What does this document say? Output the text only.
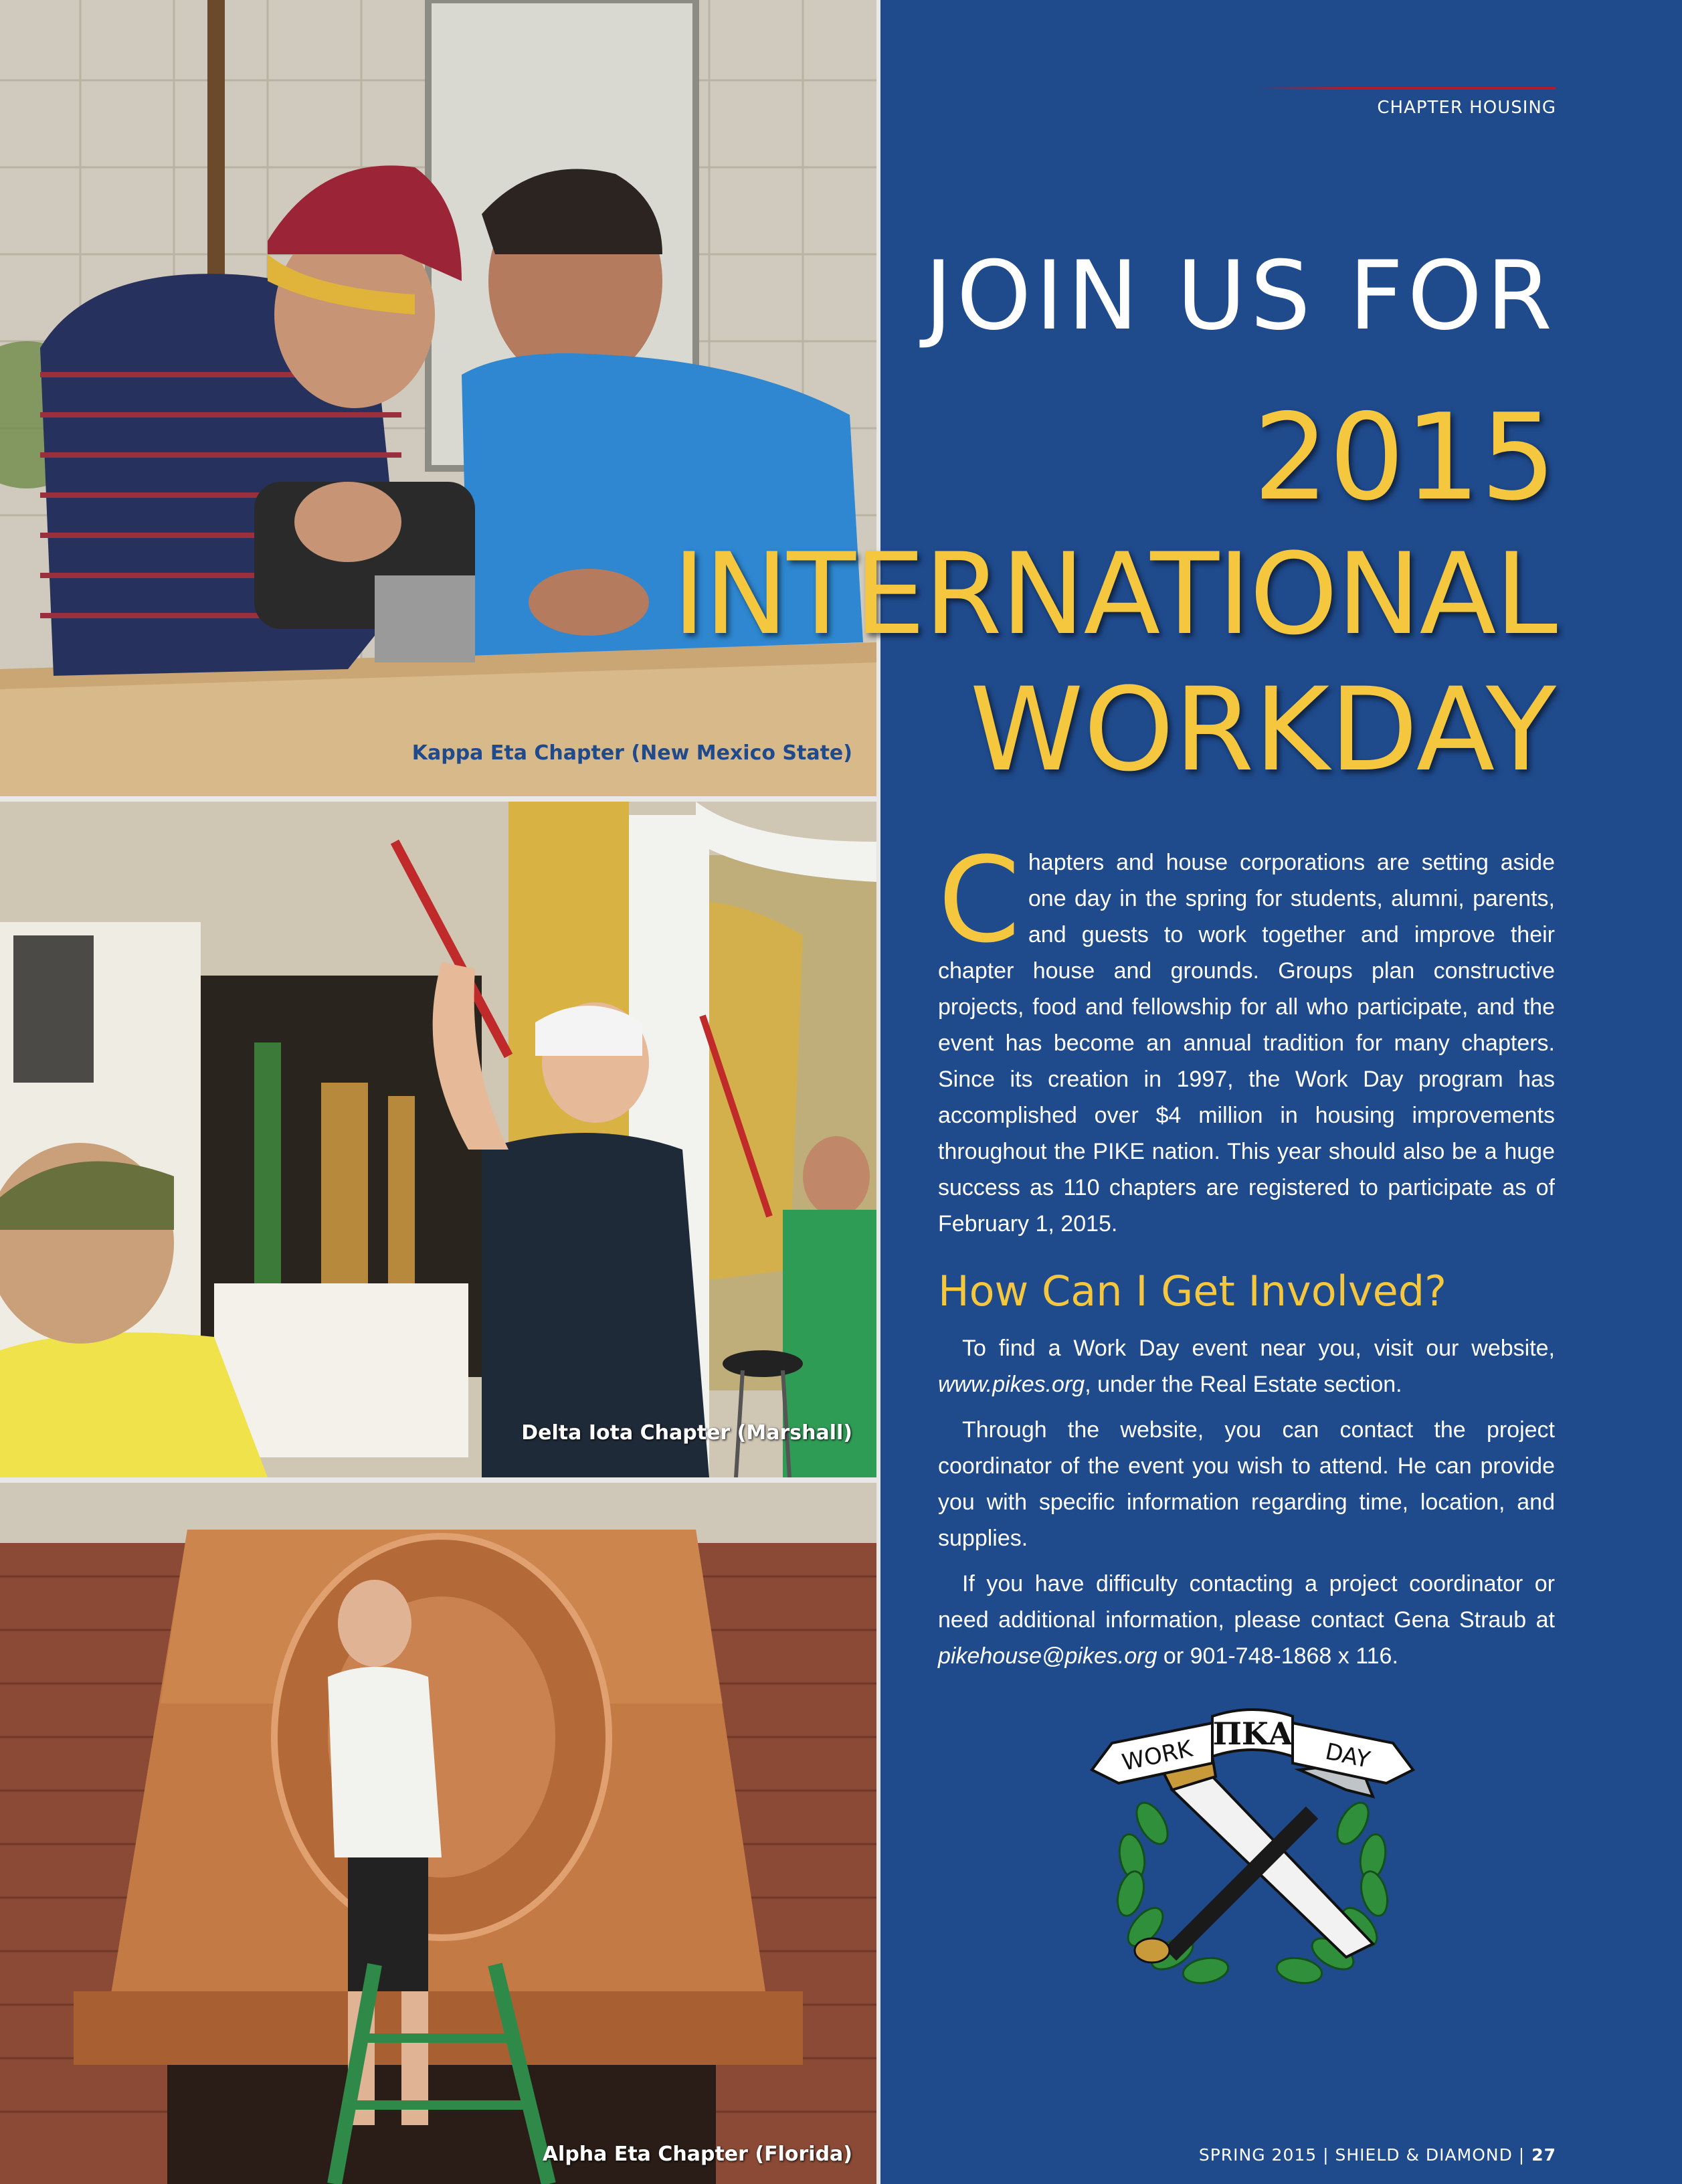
Kappa Eta Chapter (New Mexico State)
Delta Iota Chapter (Marshall)
Alpha Eta Chapter (Florida)
CHAPTER HOUSING
JOIN US FOR
2015
INTERNATIONAL
WORKDAY

Chapters and house corporations are setting aside one day in the spring for students, alumni, parents, and guests to work together and improve their chapter house and grounds. Groups plan constructive projects, food and fellowship for all who participate, and the event has become an annual tradition for many chapters. Since its creation in 1997, the Work Day program has accomplished over $4 million in housing improvements throughout the PIKE nation. This year should also be a huge success as 110 chapters are registered to participate as of February 1, 2015.

How Can I Get Involved?

To find a Work Day event near you, visit our website, www.pikes.org, under the Real Estate section.

Through the website, you can contact the project coordinator of the event you wish to attend. He can provide you with specific information regarding time, location, and supplies.

If you have difficulty contacting a project coordinator or need additional information, please contact Gena Straub at pikehouse@pikes.org or 901-748-1868 x 116.

WORK
ΠΚΑ
DAY
SPRING 2015 | SHIELD & DIAMOND | 27
